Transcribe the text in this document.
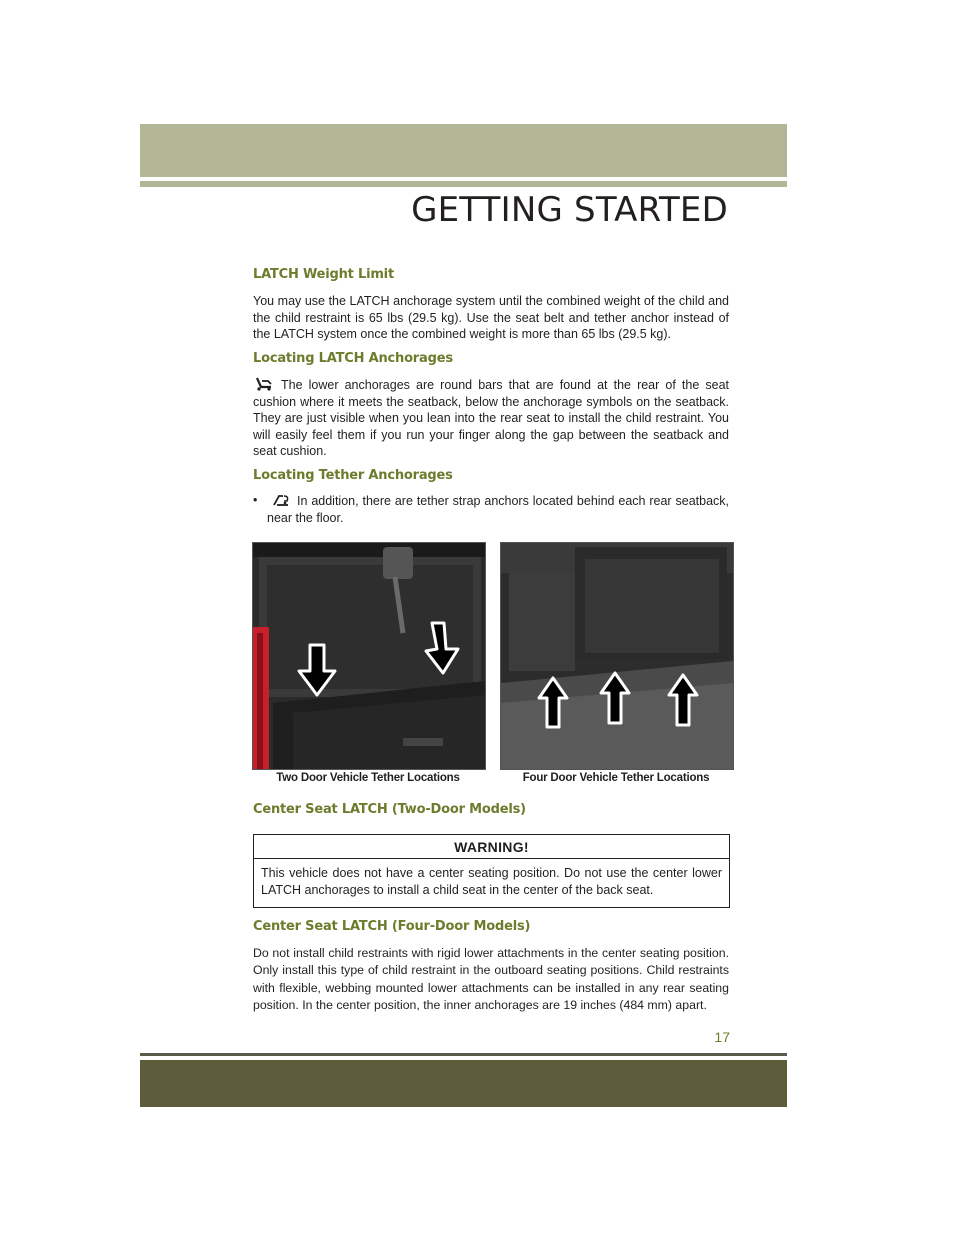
GETTING STARTED
LATCH Weight Limit
You may use the LATCH anchorage system until the combined weight of the child and the child restraint is 65 lbs (29.5 kg). Use the seat belt and tether anchor instead of the LATCH system once the combined weight is more than 65 lbs (29.5 kg).
Locating LATCH Anchorages
The lower anchorages are round bars that are found at the rear of the seat cushion where it meets the seatback, below the anchorage symbols on the seatback. They are just visible when you lean into the rear seat to install the child restraint. You will easily feel them if you run your finger along the gap between the seatback and seat cushion.
Locating Tether Anchorages
•	In addition, there are tether strap anchors located behind each rear seatback, near the floor.
Two Door Vehicle Tether Locations	Four Door Vehicle Tether Locations
Center Seat LATCH (Two-Door Models)
WARNING!
This vehicle does not have a center seating position. Do not use the center lower LATCH anchorages to install a child seat in the center of the back seat.
Center Seat LATCH (Four-Door Models)
Do not install child restraints with rigid lower attachments in the center seating position. Only install this type of child restraint in the outboard seating positions. Child restraints with flexible, webbing mounted lower attachments can be installed in any rear seating position. In the center position, the inner anchorages are 19 inches (484 mm) apart.
17
